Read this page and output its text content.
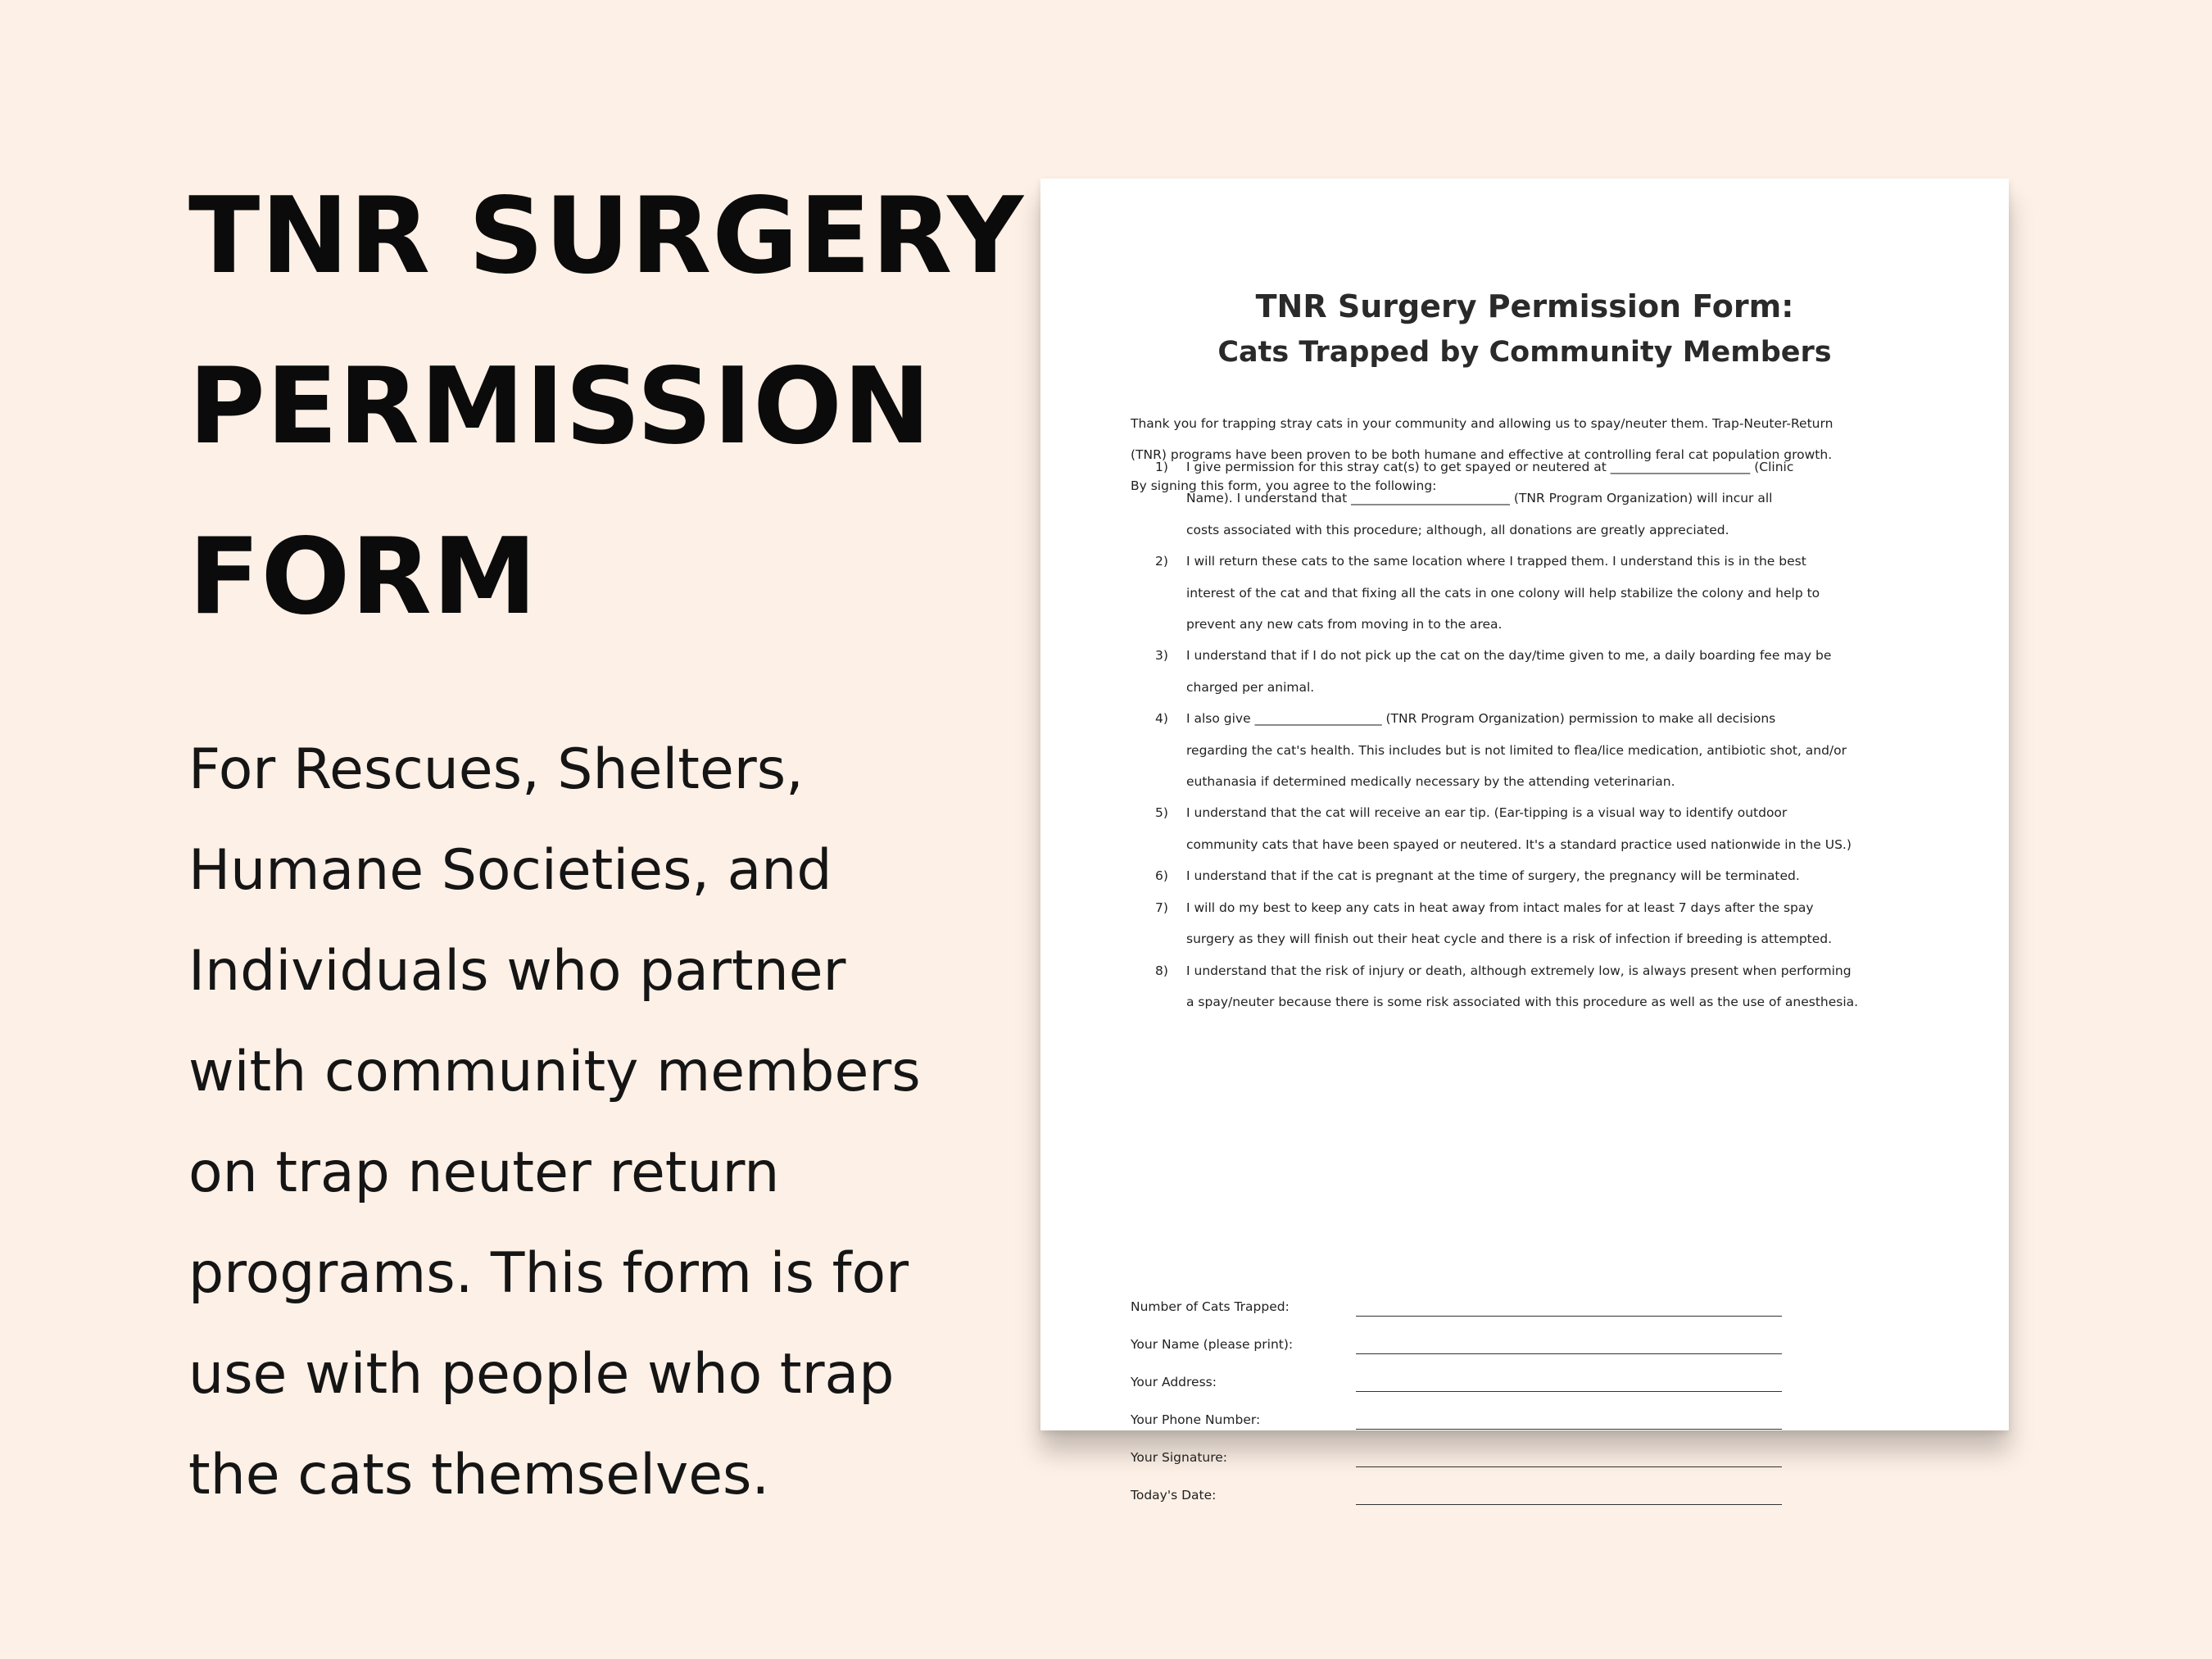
TNR SURGERY
PERMISSION
FORM
For Rescues, Shelters,
Humane Societies, and
Individuals who partner
with community members
on trap neuter return
programs. This form is for
use with people who trap
the cats themselves.
TNR Surgery Permission Form:
Cats Trapped by Community Members
Thank you for trapping stray cats in your community and allowing us to spay/neuter them. Trap-Neuter-Return
(TNR) programs have been proven to be both humane and effective at controlling feral cat population growth.
By signing this form, you agree to the following:
1) I give permission for this stray cat(s) to get spayed or neutered at ______________________ (Clinic
Name). I understand that _________________________ (TNR Program Organization) will incur all
costs associated with this procedure; although, all donations are greatly appreciated.
2) I will return these cats to the same location where I trapped them. I understand this is in the best
interest of the cat and that fixing all the cats in one colony will help stabilize the colony and help to
prevent any new cats from moving in to the area.
3) I understand that if I do not pick up the cat on the day/time given to me, a daily boarding fee may be
charged per animal.
4) I also give ____________________ (TNR Program Organization) permission to make all decisions
regarding the cat's health. This includes but is not limited to flea/lice medication, antibiotic shot, and/or
euthanasia if determined medically necessary by the attending veterinarian.
5) I understand that the cat will receive an ear tip. (Ear-tipping is a visual way to identify outdoor
community cats that have been spayed or neutered. It's a standard practice used nationwide in the US.)
6) I understand that if the cat is pregnant at the time of surgery, the pregnancy will be terminated.
7) I will do my best to keep any cats in heat away from intact males for at least 7 days after the spay
surgery as they will finish out their heat cycle and there is a risk of infection if breeding is attempted.
8) I understand that the risk of injury or death, although extremely low, is always present when performing
a spay/neuter because there is some risk associated with this procedure as well as the use of anesthesia.
Number of Cats Trapped:
Your Name (please print):
Your Address:
Your Phone Number:
Your Signature:
Today's Date:
